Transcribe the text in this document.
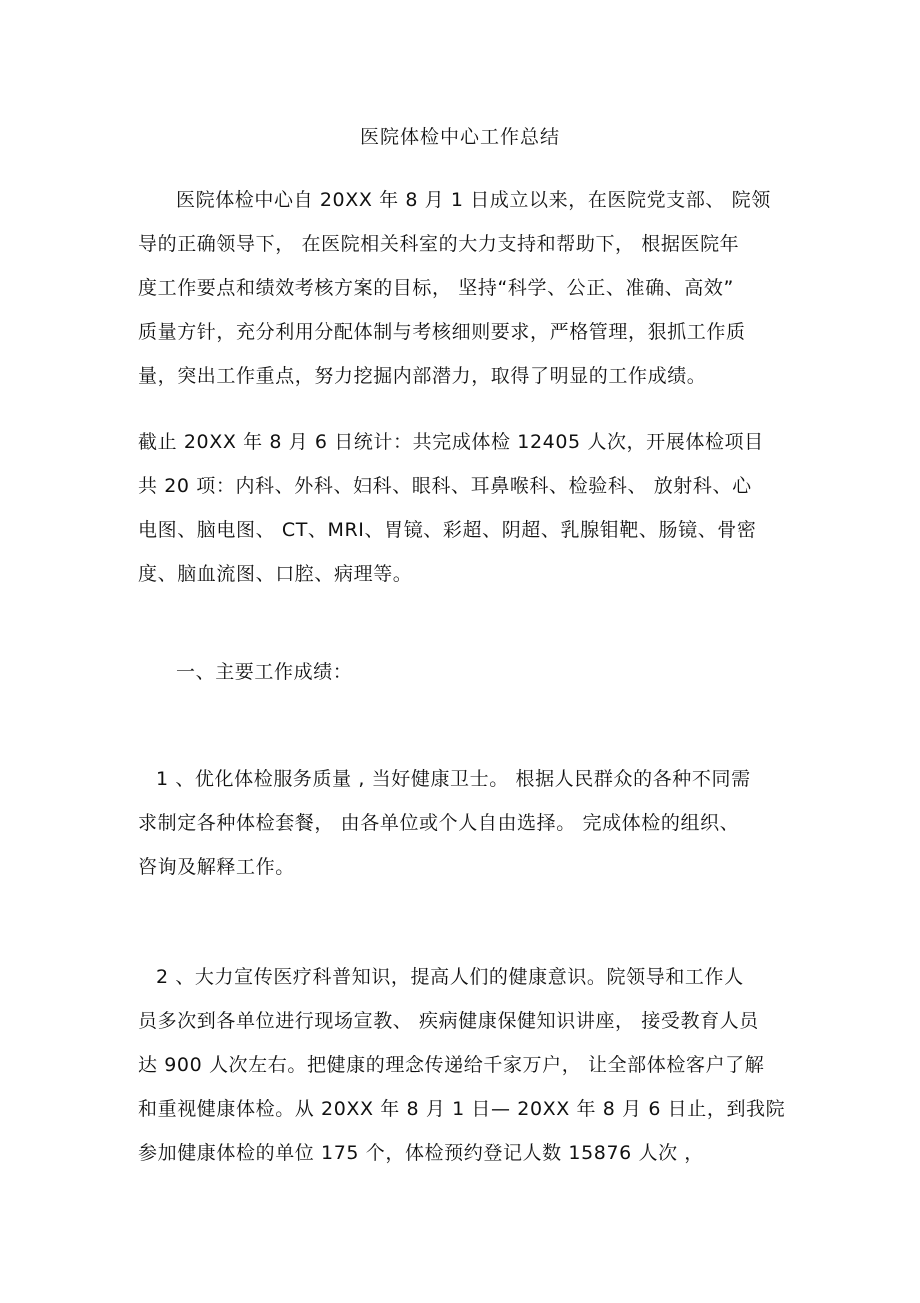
医院体检中心工作总结
医院体检中心自 20XX 年 8 月 1 日成立以来，在医院党支部、 院领
导的正确领导下， 在医院相关科室的大力支持和帮助下， 根据医院年
度工作要点和绩效考核方案的目标， 坚持“科学、公正、准确、高效”
质量方针，充分利用分配体制与考核细则要求，严格管理，狠抓工作质
量，突出工作重点，努力挖掘内部潜力，取得了明显的工作成绩。
截止 20XX 年 8 月 6 日统计：共完成体检 12405 人次，开展体检项目
共 20 项：内科、外科、妇科、眼科、耳鼻喉科、检验科、 放射科、心
电图、脑电图、 CT、MRI、胃镜、彩超、阴超、乳腺钼靶、肠镜、骨密
度、脑血流图、口腔、病理等。
一、主要工作成绩：
1 、优化体检服务质量 , 当好健康卫士。 根据人民群众的各种不同需
求制定各种体检套餐， 由各单位或个人自由选择。 完成体检的组织、
咨询及解释工作。
2 、大力宣传医疗科普知识，提高人们的健康意识。院领导和工作人
员多次到各单位进行现场宣教、 疾病健康保健知识讲座， 接受教育人员
达 900 人次左右。把健康的理念传递给千家万户， 让全部体检客户了解
和重视健康体检。从 20XX 年 8 月 1 日— 20XX 年 8 月 6 日止，到我院
参加健康体检的单位 175 个，体检预约登记人数 15876 人次 ，
